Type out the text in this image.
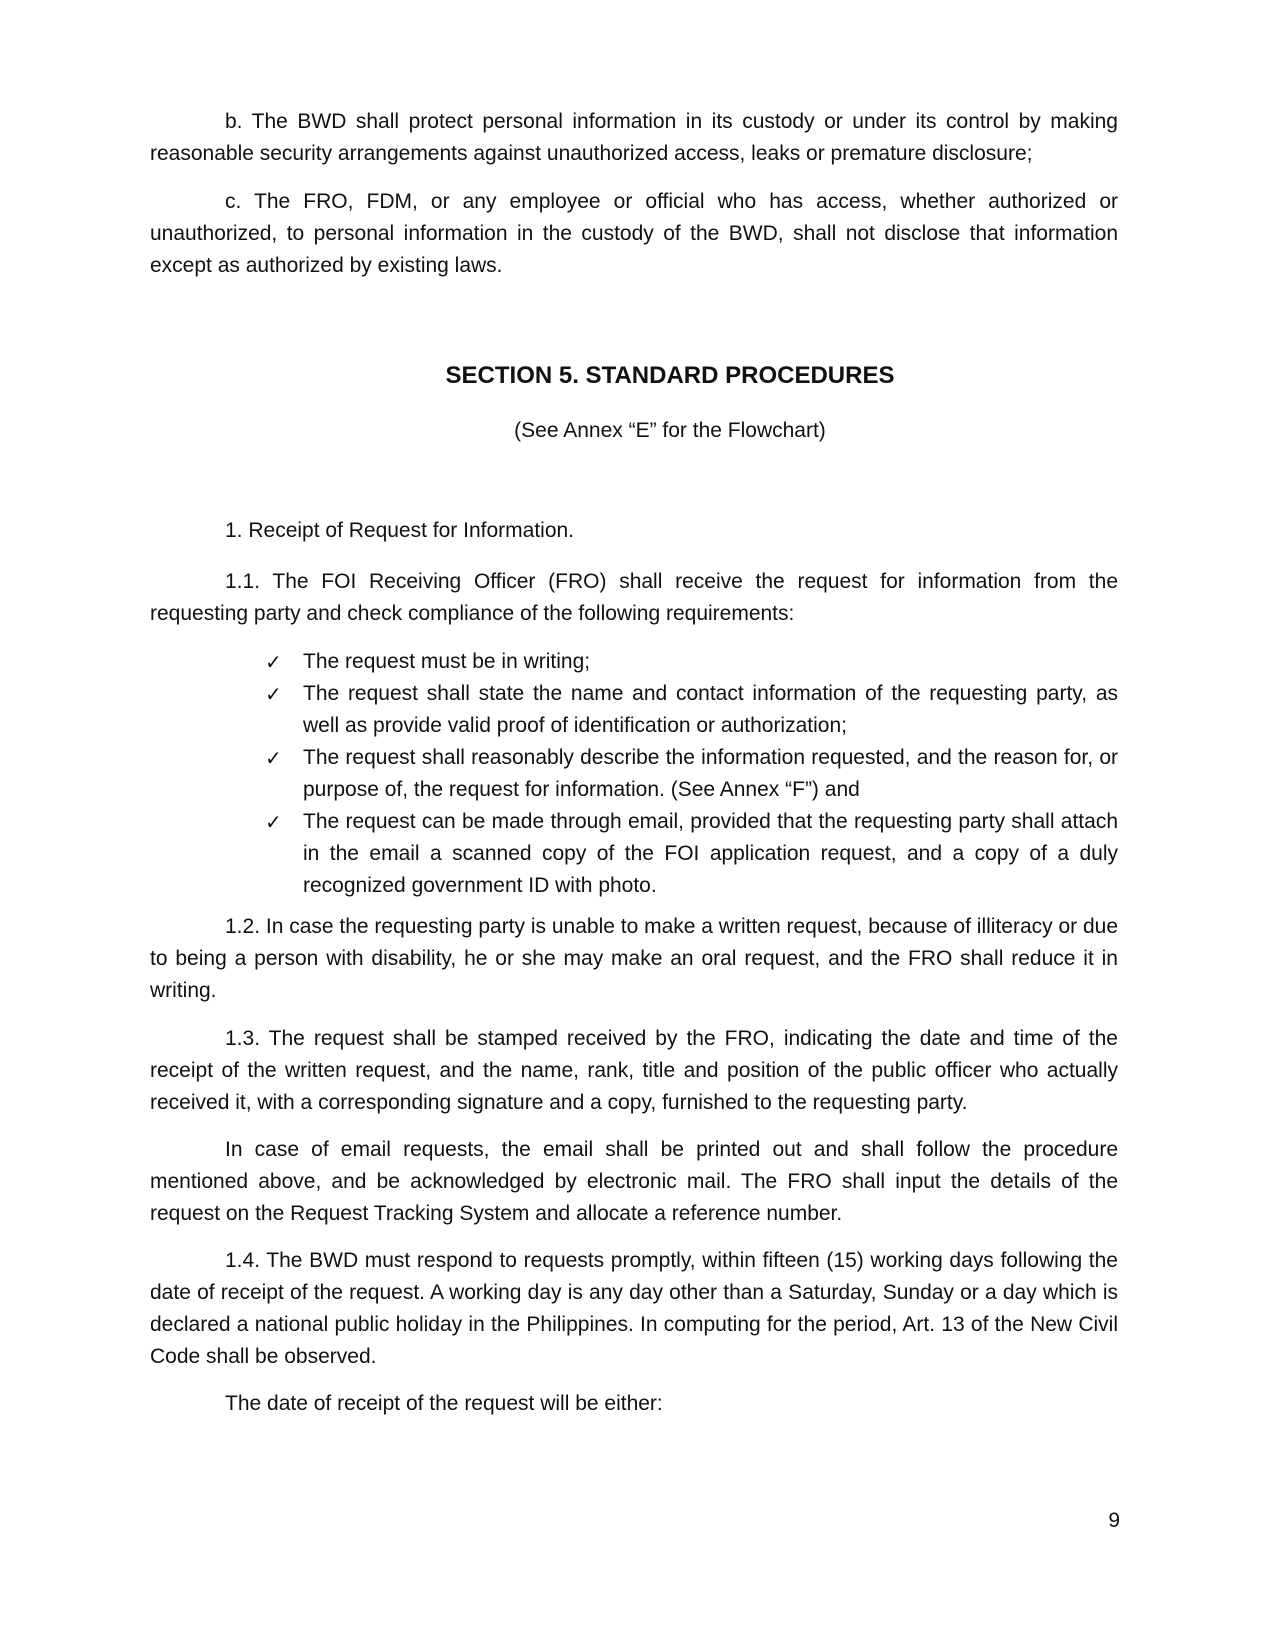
b. The BWD shall protect personal information in its custody or under its control by making reasonable security arrangements against unauthorized access, leaks or premature disclosure;

c. The FRO, FDM, or any employee or official who has access, whether authorized or unauthorized, to personal information in the custody of the BWD, shall not disclose that information except as authorized by existing laws.

SECTION 5. STANDARD PROCEDURES

(See Annex “E” for the Flowchart)

1. Receipt of Request for Information.

1.1. The FOI Receiving Officer (FRO) shall receive the request for information from the requesting party and check compliance of the following requirements:

✓ The request must be in writing;
✓ The request shall state the name and contact information of the requesting party, as well as provide valid proof of identification or authorization;
✓ The request shall reasonably describe the information requested, and the reason for, or purpose of, the request for information. (See Annex “F”) and
✓ The request can be made through email, provided that the requesting party shall attach in the email a scanned copy of the FOI application request, and a copy of a duly recognized government ID with photo.

1.2. In case the requesting party is unable to make a written request, because of illiteracy or due to being a person with disability, he or she may make an oral request, and the FRO shall reduce it in writing.

1.3. The request shall be stamped received by the FRO, indicating the date and time of the receipt of the written request, and the name, rank, title and position of the public officer who actually received it, with a corresponding signature and a copy, furnished to the requesting party.

In case of email requests, the email shall be printed out and shall follow the procedure mentioned above, and be acknowledged by electronic mail. The FRO shall input the details of the request on the Request Tracking System and allocate a reference number.

1.4. The BWD must respond to requests promptly, within fifteen (15) working days following the date of receipt of the request. A working day is any day other than a Saturday, Sunday or a day which is declared a national public holiday in the Philippines. In computing for the period, Art. 13 of the New Civil Code shall be observed.

The date of receipt of the request will be either:

9
